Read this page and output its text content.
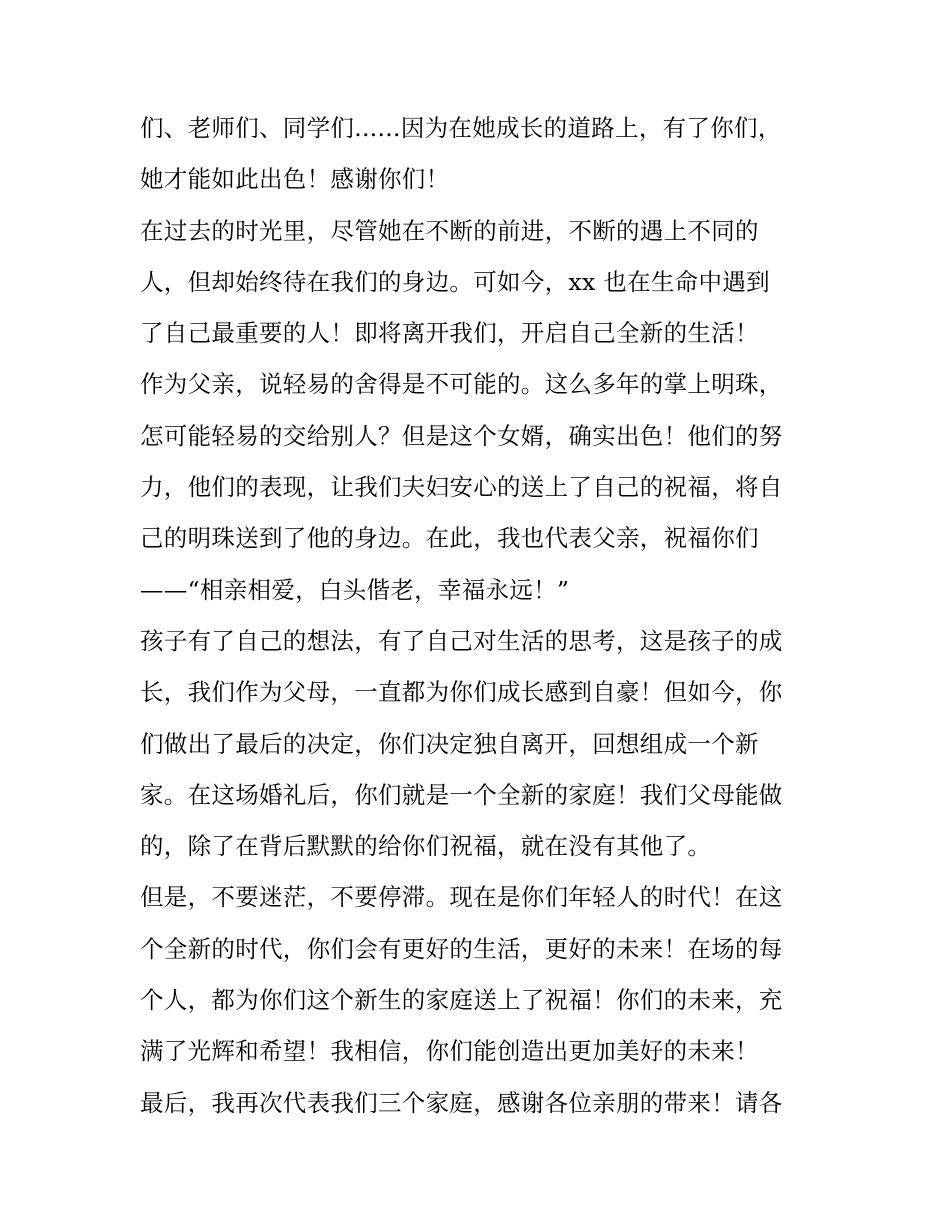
们、老师们、同学们......因为在她成长的道路上，有了你们，
她才能如此出色！感谢你们！
在过去的时光里，尽管她在不断的前进，不断的遇上不同的
人，但却始终待在我们的身边。可如今，xx 也在生命中遇到
了自己最重要的人！即将离开我们，开启自己全新的生活！
作为父亲，说轻易的舍得是不可能的。这么多年的掌上明珠，
怎可能轻易的交给别人？但是这个女婿，确实出色！他们的努
力，他们的表现，让我们夫妇安心的送上了自己的祝福，将自
己的明珠送到了他的身边。在此，我也代表父亲，祝福你们
——“相亲相爱，白头偕老，幸福永远！”
孩子有了自己的想法，有了自己对生活的思考，这是孩子的成
长，我们作为父母，一直都为你们成长感到自豪！但如今，你
们做出了最后的决定，你们决定独自离开，回想组成一个新
家。在这场婚礼后，你们就是一个全新的家庭！我们父母能做
的，除了在背后默默的给你们祝福，就在没有其他了。
但是，不要迷茫，不要停滞。现在是你们年轻人的时代！在这
个全新的时代，你们会有更好的生活，更好的未来！在场的每
个人，都为你们这个新生的家庭送上了祝福！你们的未来，充
满了光辉和希望！我相信，你们能创造出更加美好的未来！
最后，我再次代表我们三个家庭，感谢各位亲朋的带来！请各
